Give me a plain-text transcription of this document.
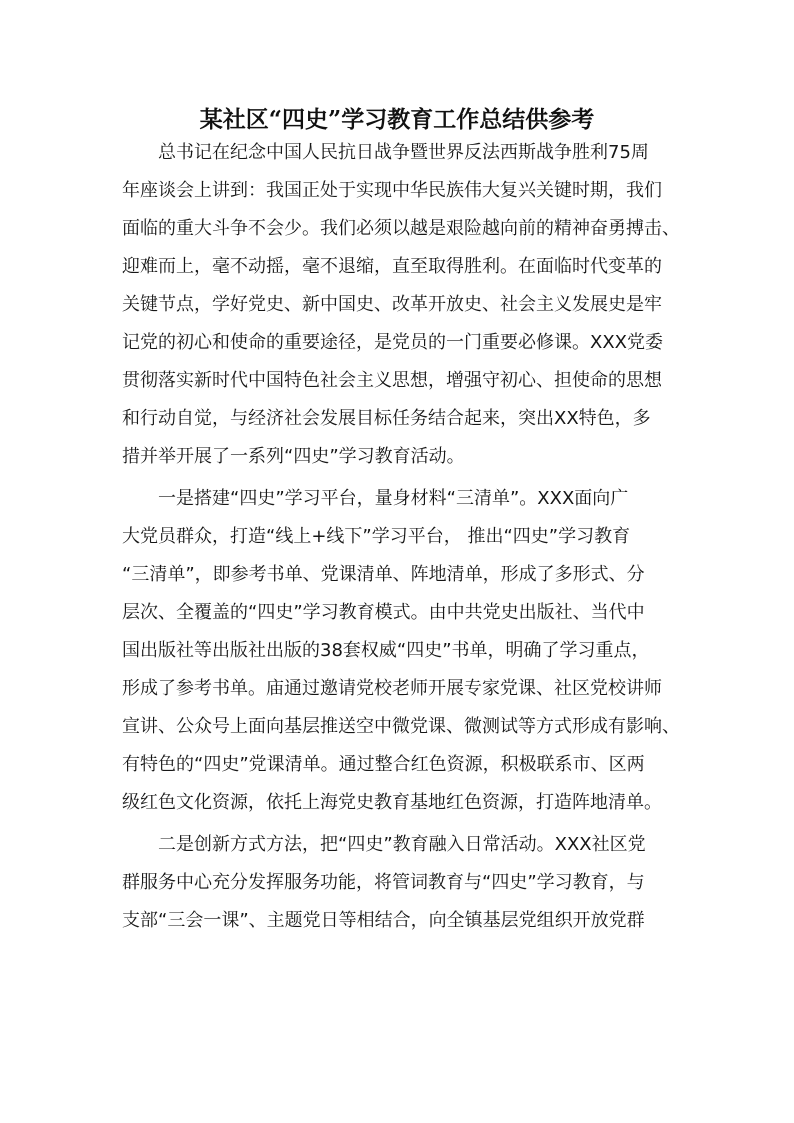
某社区“四史”学习教育工作总结供参考
　　总书记在纪念中国人民抗日战争暨世界反法西斯战争胜利75周
年座谈会上讲到：我国正处于实现中华民族伟大复兴关键时期，我们
面临的重大斗争不会少。我们必须以越是艰险越向前的精神奋勇搏击、
迎难而上，毫不动摇，毫不退缩，直至取得胜利。在面临时代变革的
关键节点，学好党史、新中国史、改革开放史、社会主义发展史是牢
记党的初心和使命的重要途径，是党员的一门重要必修课。XXX党委
贯彻落实新时代中国特色社会主义思想，增强守初心、担使命的思想
和行动自觉，与经济社会发展目标任务结合起来，突出XX特色，多
措并举开展了一系列“四史”学习教育活动。
　　一是搭建“四史”学习平台，量身材料“三清单”。XXX面向广
大党员群众，打造“线上+线下”学习平台， 推出“四史”学习教育
“三清单”，即参考书单、党课清单、阵地清单，形成了多形式、分
层次、全覆盖的“四史”学习教育模式。由中共党史出版社、当代中
国出版社等出版社出版的38套权威“四史”书单，明确了学习重点，
形成了参考书单。庙通过邀请党校老师开展专家党课、社区党校讲师
宣讲、公众号上面向基层推送空中微党课、微测试等方式形成有影响、
有特色的“四史”党课清单。通过整合红色资源，积极联系市、区两
级红色文化资源，依托上海党史教育基地红色资源，打造阵地清单。
　　二是创新方式方法，把“四史”教育融入日常活动。XXX社区党
群服务中心充分发挥服务功能，将管词教育与“四史”学习教育，与
支部“三会一课”、主题党日等相结合，向全镇基层党组织开放党群
